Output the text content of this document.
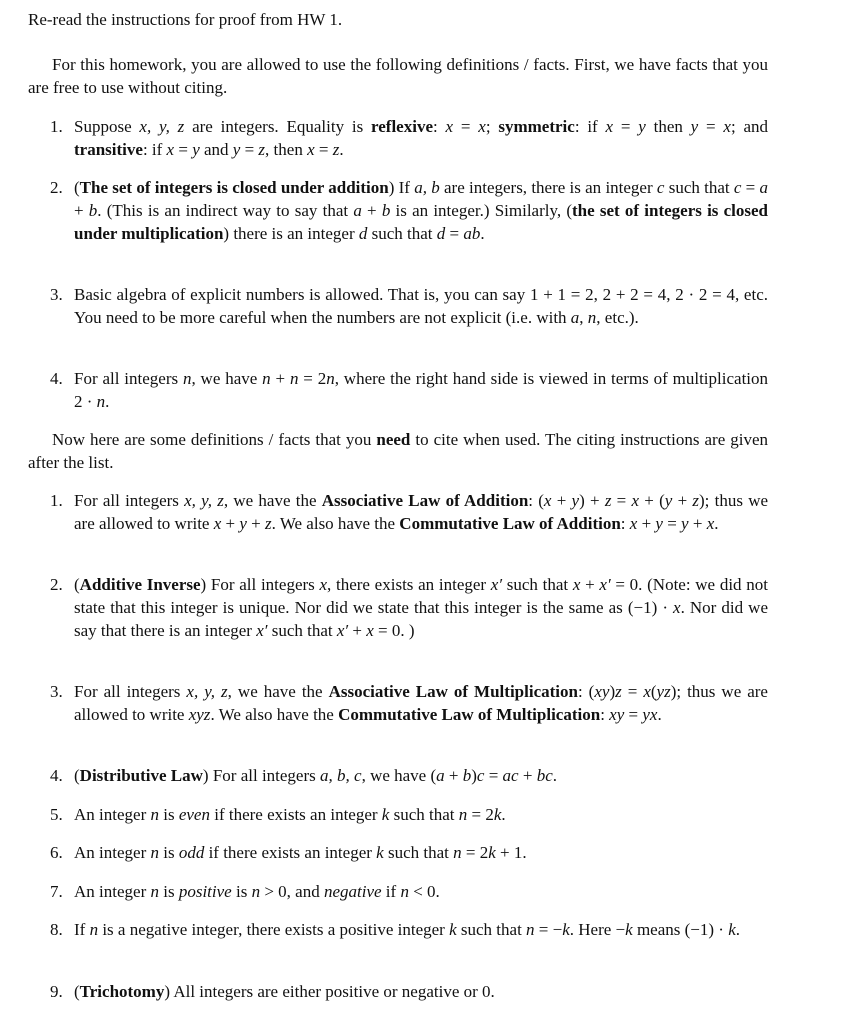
Re-read the instructions for proof from HW 1.

For this homework, you are allowed to use the following definitions / facts. First, we have facts that you are free to use without citing.

1. Suppose x, y, z are integers. Equality is reflexive: x = x; symmetric: if x = y then y = x; and transitive: if x = y and y = z, then x = z.
2. (The set of integers is closed under addition) If a, b are integers, there is an integer c such that c = a + b. (This is an indirect way to say that a + b is an integer.) Similarly, (the set of integers is closed under multiplication) there is an integer d such that d = ab.
3. Basic algebra of explicit numbers is allowed. That is, you can say 1 + 1 = 2, 2 + 2 = 4, 2 · 2 = 4, etc. You need to be more careful when the numbers are not explicit (i.e. with a, n, etc.).
4. For all integers n, we have n + n = 2n, where the right hand side is viewed in terms of multiplication 2 · n.

Now here are some definitions / facts that you need to cite when used. The citing instructions are given after the list.

1. For all integers x, y, z, we have the Associative Law of Addition: (x + y) + z = x + (y + z); thus we are allowed to write x + y + z. We also have the Commutative Law of Addition: x + y = y + x.
2. (Additive Inverse) For all integers x, there exists an integer x′ such that x + x′ = 0. (Note: we did not state that this integer is unique. Nor did we state that this integer is the same as (−1) · x. Nor did we say that there is an integer x′ such that x′ + x = 0. )
3. For all integers x, y, z, we have the Associative Law of Multiplication: (xy)z = x(yz); thus we are allowed to write xyz. We also have the Commutative Law of Multiplication: xy = yx.
4. (Distributive Law) For all integers a, b, c, we have (a + b)c = ac + bc.
5. An integer n is even if there exists an integer k such that n = 2k.
6. An integer n is odd if there exists an integer k such that n = 2k + 1.
7. An integer n is positive is n > 0, and negative if n < 0.
8. If n is a negative integer, there exists a positive integer k such that n = −k. Here −k means (−1) · k.
9. (Trichotomy) All integers are either positive or negative or 0.
